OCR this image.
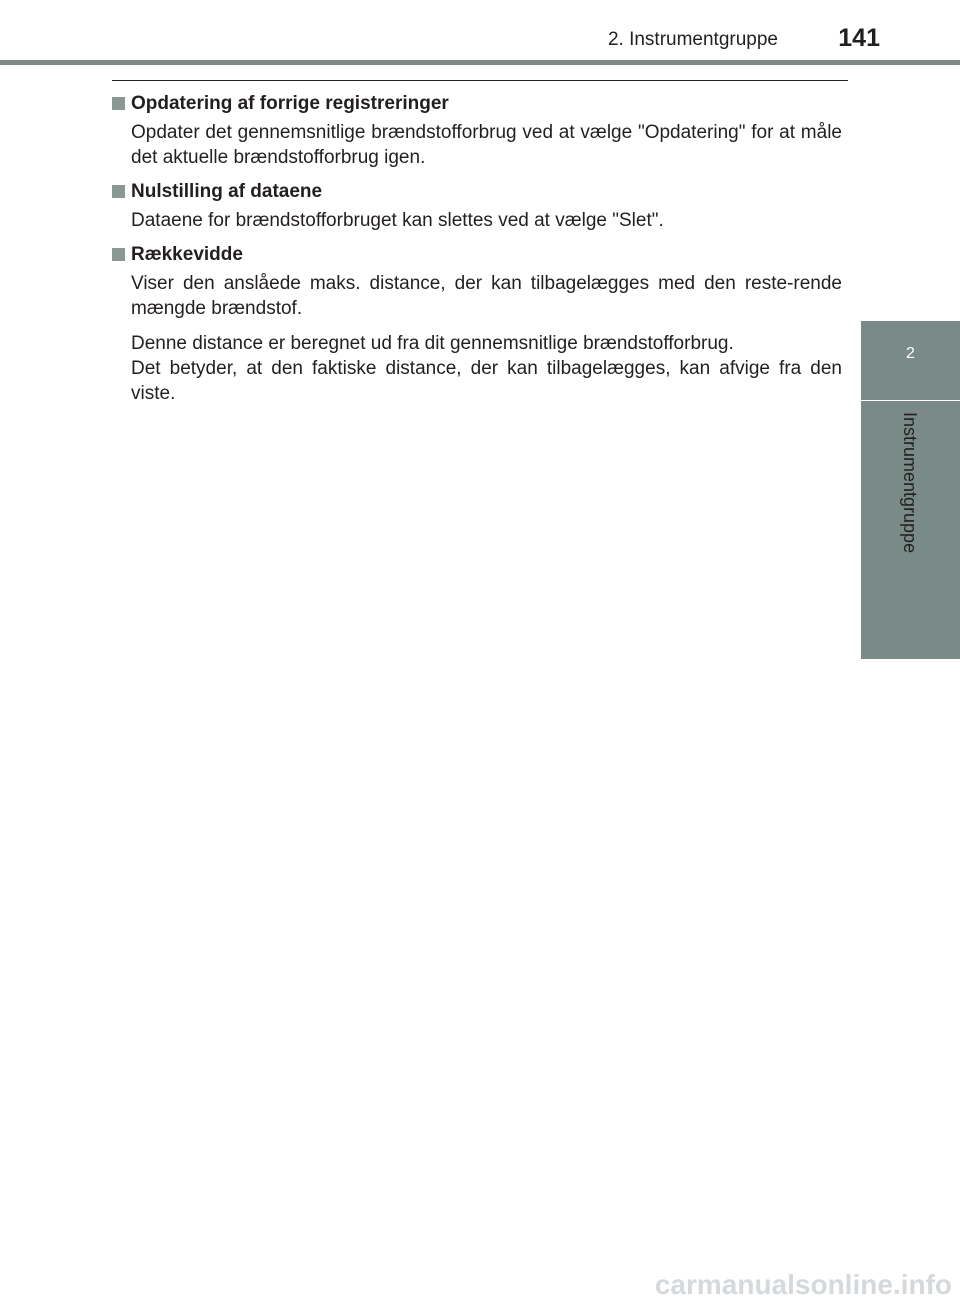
2. Instrumentgruppe	141
2
Instrumentgruppe
Opdatering af forrige registreringer

Opdater det gennemsnitlige brændstofforbrug ved at vælge "Opdatering" for at måle det aktuelle brændstofforbrug igen.

Nulstilling af dataene

Dataene for brændstofforbruget kan slettes ved at vælge "Slet".

Rækkevidde

Viser den anslåede maks. distance, der kan tilbagelægges med den reste-rende mængde brændstof.

Denne distance er beregnet ud fra dit gennemsnitlige brændstofforbrug.

Det betyder, at den faktiske distance, der kan tilbagelægges, kan afvige fra den viste.

carmanualsonline.info
